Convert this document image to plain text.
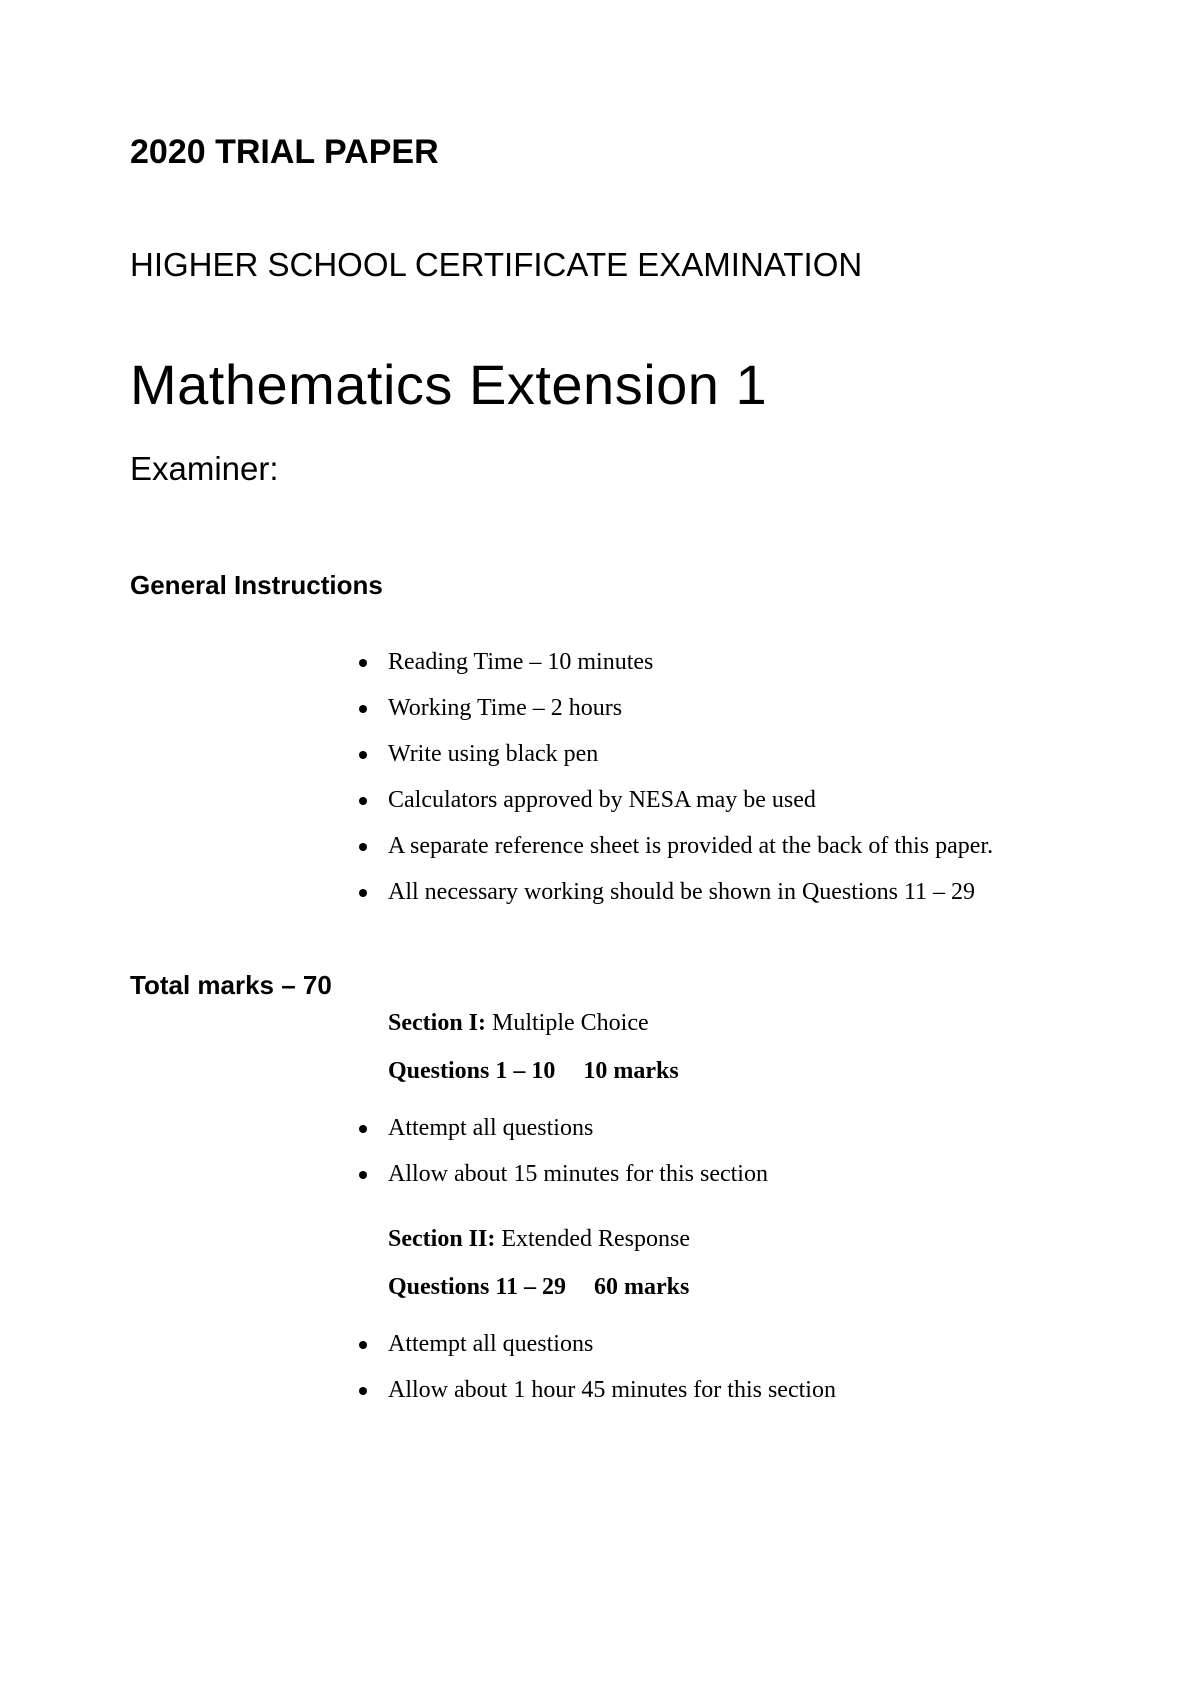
2020 TRIAL PAPER
HIGHER SCHOOL CERTIFICATE EXAMINATION
Mathematics Extension 1
Examiner:
General Instructions
Reading Time – 10 minutes
Working Time – 2 hours
Write using black pen
Calculators approved by NESA may be used
A separate reference sheet is provided at the back of this paper.
All necessary working should be shown in Questions 11 – 29
Total marks – 70
Section I: Multiple Choice
Questions 1 – 10 10 marks
Attempt all questions
Allow about 15 minutes for this section
Section II: Extended Response
Questions 11 – 29 60 marks
Attempt all questions
Allow about 1 hour 45 minutes for this section
